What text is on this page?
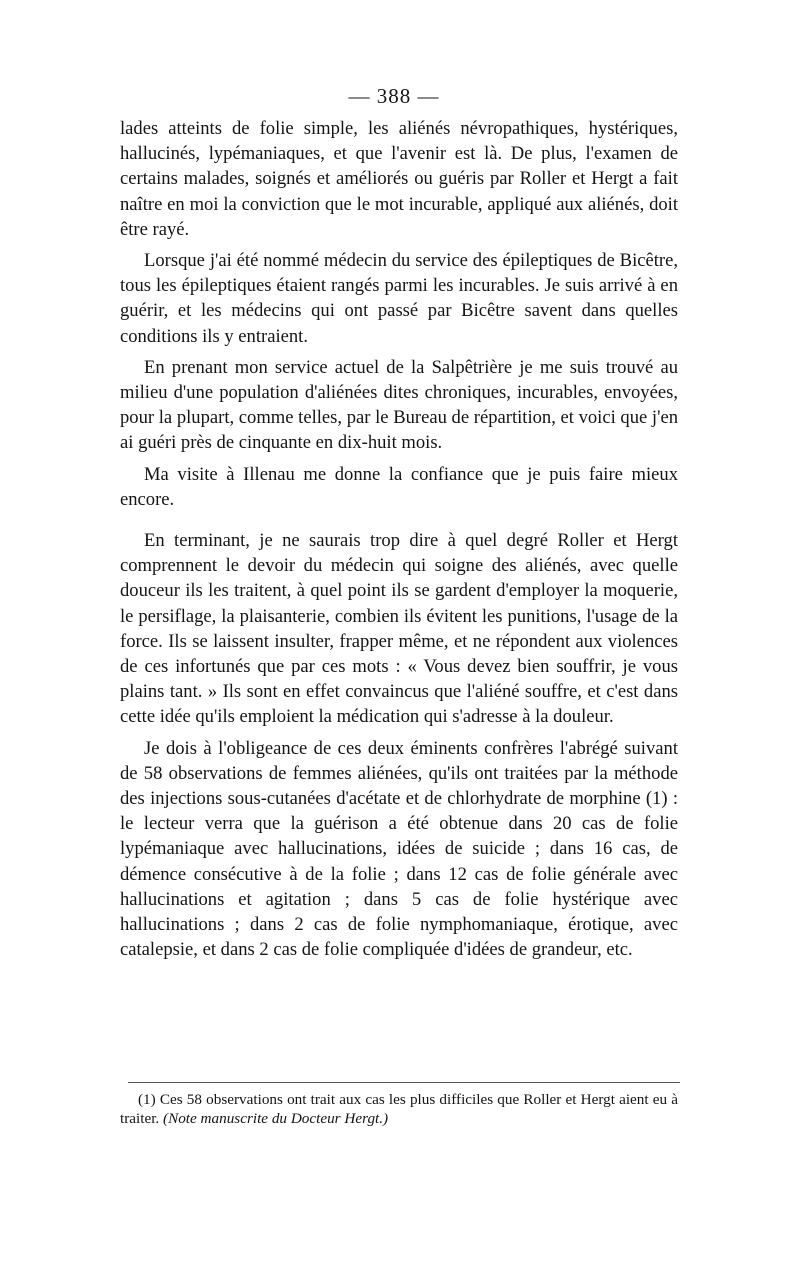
— 388 —

lades atteints de folie simple, les aliénés névropathiques, hystériques, hallucinés, lypémaniaques, et que l'avenir est là. De plus, l'examen de certains malades, soignés et améliorés ou guéris par Roller et Hergt a fait naître en moi la conviction que le mot incurable, appliqué aux aliénés, doit être rayé.

Lorsque j'ai été nommé médecin du service des épileptiques de Bicêtre, tous les épileptiques étaient rangés parmi les incurables. Je suis arrivé à en guérir, et les médecins qui ont passé par Bicêtre savent dans quelles conditions ils y entraient.

En prenant mon service actuel de la Salpêtrière je me suis trouvé au milieu d'une population d'aliénées dites chroniques, incurables, envoyées, pour la plupart, comme telles, par le Bureau de répartition, et voici que j'en ai guéri près de cinquante en dix-huit mois.

Ma visite à Illenau me donne la confiance que je puis faire mieux encore.

En terminant, je ne saurais trop dire à quel degré Roller et Hergt comprennent le devoir du médecin qui soigne des aliénés, avec quelle douceur ils les traitent, à quel point ils se gardent d'employer la moquerie, le persiflage, la plaisanterie, combien ils évitent les punitions, l'usage de la force. Ils se laissent insulter, frapper même, et ne répondent aux violences de ces infortunés que par ces mots : « Vous devez bien souffrir, je vous plains tant. » Ils sont en effet convaincus que l'aliéné souffre, et c'est dans cette idée qu'ils emploient la médication qui s'adresse à la douleur.

Je dois à l'obligeance de ces deux éminents confrères l'abrégé suivant de 58 observations de femmes aliénées, qu'ils ont traitées par la méthode des injections sous-cutanées d'acétate et de chlorhydrate de morphine (1) : le lecteur verra que la guérison a été obtenue dans 20 cas de folie lypémaniaque avec hallucinations, idées de suicide ; dans 16 cas, de démence consécutive à de la folie ; dans 12 cas de folie générale avec hallucinations et agitation ; dans 5 cas de folie hystérique avec hallucinations ; dans 2 cas de folie nymphomaniaque, érotique, avec catalepsie, et dans 2 cas de folie compliquée d'idées de grandeur, etc.

(1) Ces 58 observations ont trait aux cas les plus difficiles que Roller et Hergt aient eu à traiter. (Note manuscrite du Docteur Hergt.)
